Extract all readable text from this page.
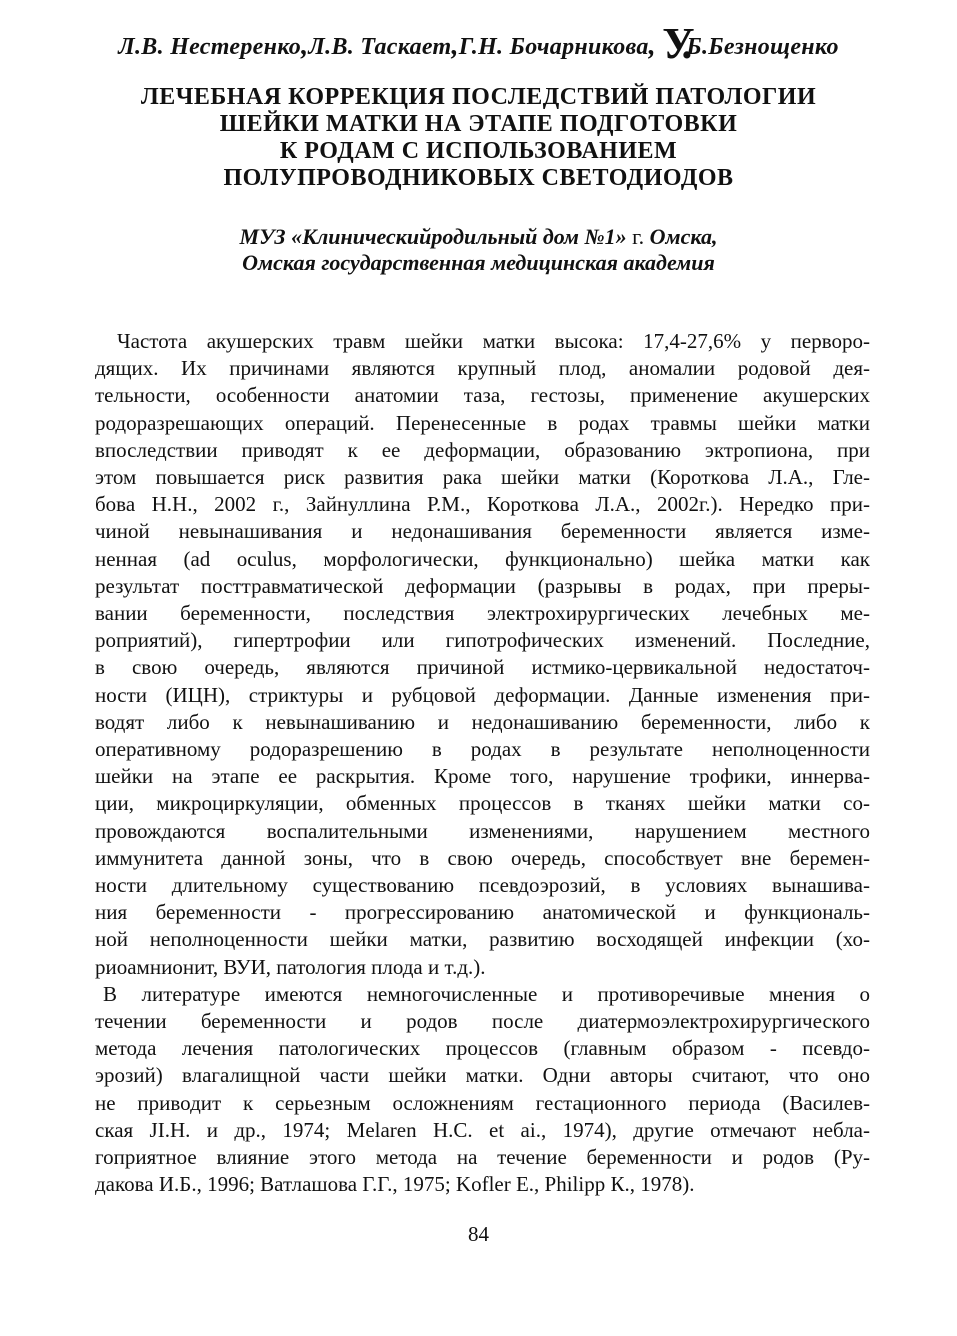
Л.В. Нестеренко,Л.В. Таскает,Г.Н. Бочарникова, У.Б.Безнощенко
ЛЕЧЕБНАЯ КОРРЕКЦИЯ ПОСЛЕДСТВИЙ ПАТОЛОГИИ
ШЕЙКИ МАТКИ НА ЭТАПЕ ПОДГОТОВКИ
К РОДАМ С ИСПОЛЬЗОВАНИЕМ
ПОЛУПРОВОДНИКОВЫХ СВЕТОДИОДОВ
МУЗ «Клиническийродильный дом №1» г. Омска,
Омская государственная медицинская академия
Частота акушерских травм шейки матки высока: 17,4-27,6% у перворо-
дящих. Их причинами являются крупный плод, аномалии родовой дея-
тельности, особенности анатомии таза, гестозы, применение акушерских
родоразрешающих операций. Перенесенные в родах травмы шейки матки
впоследствии приводят к ее деформации, образованию эктропиона, при
этом повышается риск развития рака шейки матки (Короткова Л.А., Гле-
бова Н.Н., 2002 г., Зайнуллина Р.М., Короткова Л.А., 2002г.). Нередко при-
чиной невынашивания и недонашивания беременности является изме-
ненная (ad oculus, морфологически, функционально) шейка матки как
результат посттравматической деформации (разрывы в родах, при преры-
вании беременности, последствия электрохирургических лечебных ме-
роприятий), гипертрофии или гипотрофических изменений. Последние,
в свою очередь, являются причиной истмико-цервикальной недостаточ-
ности (ИЦН), стриктуры и рубцовой деформации. Данные изменения при-
водят либо к невынашиванию и недонашиванию беременности, либо к
оперативному родоразрешению в родах в результате неполноценности
шейки на этапе ее раскрытия. Кроме того, нарушение трофики, иннерва-
ции, микроциркуляции, обменных процессов в тканях шейки матки со-
провождаются воспалительными изменениями, нарушением местного
иммунитета данной зоны, что в свою очередь, способствует вне беремен-
ности длительному существованию псевдоэрозий, в условиях вынашива-
ния беременности - прогрессированию анатомической и функциональ-
ной неполноценности шейки матки, развитию восходящей инфекции (хо-
риоамнионит, ВУИ, патология плода и т.д.).
В литературе имеются немногочисленные и противоречивые мнения о
течении беременности и родов после диатермоэлектрохирургического
метода лечения патологических процессов (главным образом - псевдо-
эрозий) влагалищной части шейки матки. Одни авторы считают, что оно
не приводит к серьезным осложнениям гестационного периода (Василев-
ская JI.H. и др., 1974; Melaren H.C. et ai., 1974), другие отмечают небла-
гоприятное влияние этого метода на течение беременности и родов (Ру-
дакова И.Б., 1996; Ватлашова Г.Г., 1975; Kofler E., Philipp К., 1978).
84
